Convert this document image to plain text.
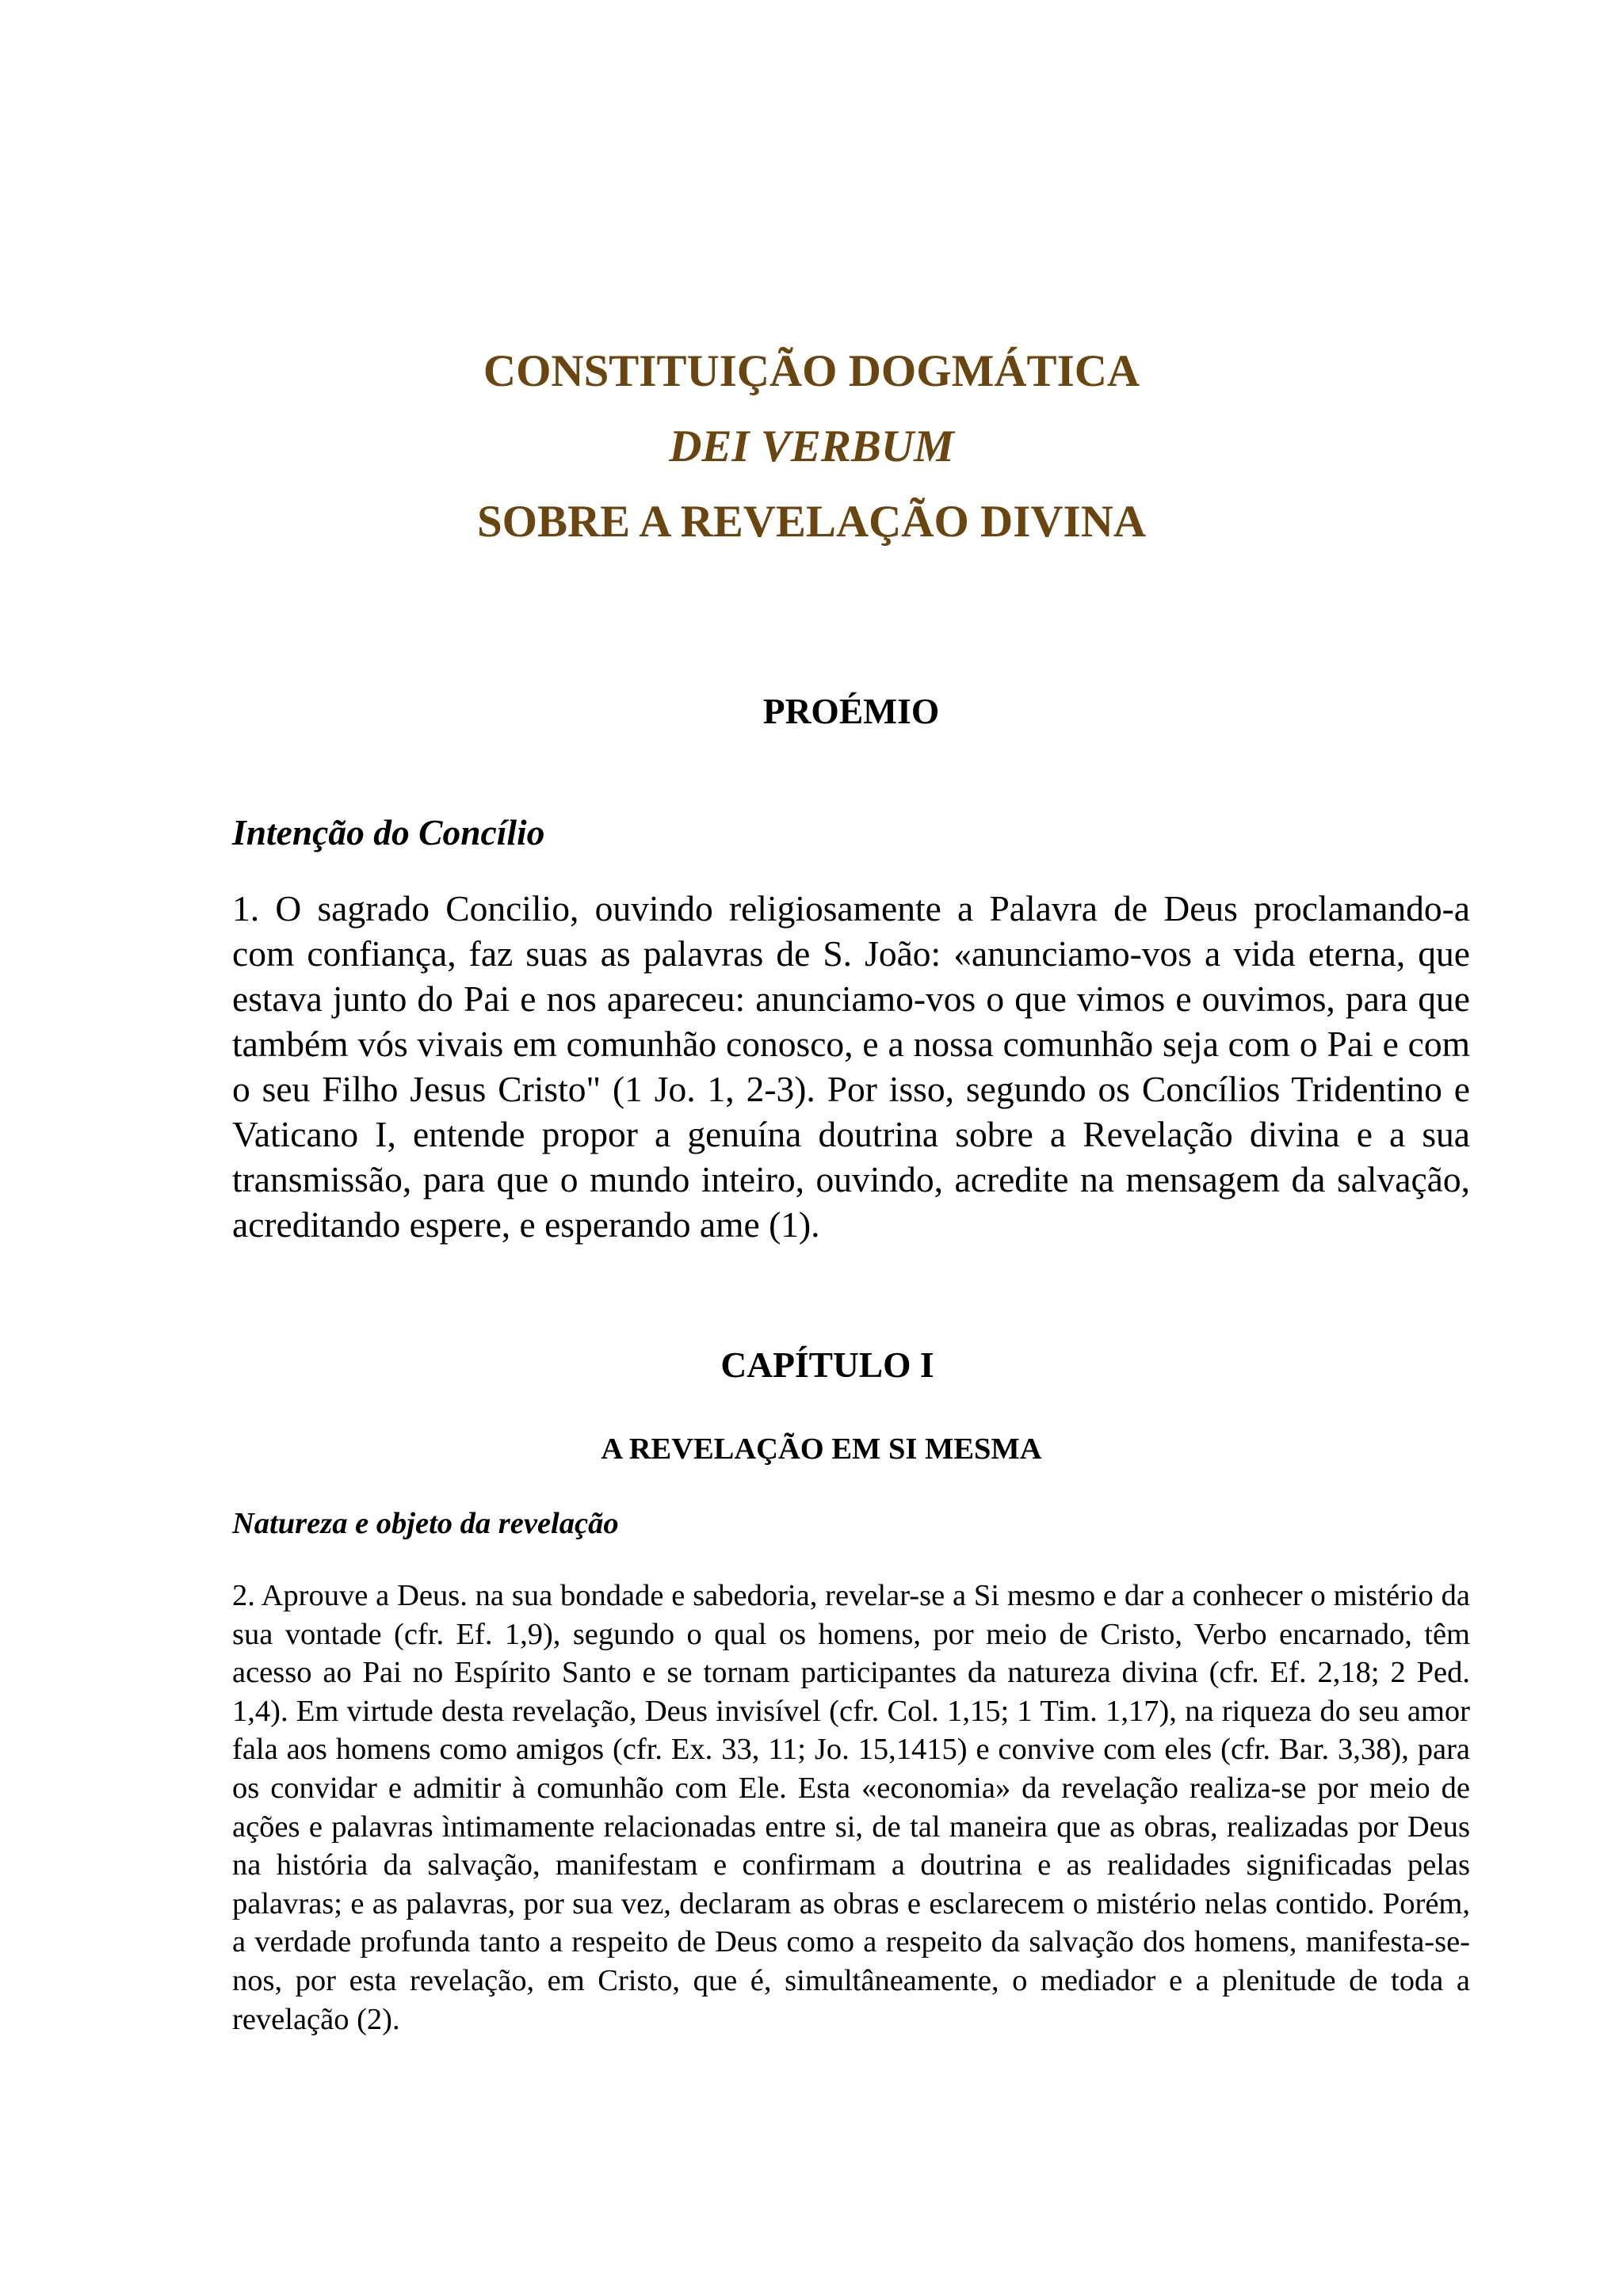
CONSTITUIÇÃO DOGMÁTICA
DEI VERBUM
SOBRE A REVELAÇÃO DIVINA
PROÉMIO
Intenção do Concílio

1. O sagrado Concilio, ouvindo religiosamente a Palavra de Deus proclamando-a com confiança, faz suas as palavras de S. João: «anunciamo-vos a vida eterna, que estava junto do Pai e nos apareceu: anunciamo-vos o que vimos e ouvimos, para que também vós vivais em comunhão conosco, e a nossa comunhão seja com o Pai e com o seu Filho Jesus Cristo" (1 Jo. 1, 2-3). Por isso, segundo os Concílios Tridentino e Vaticano I, entende propor a genuína doutrina sobre a Revelação divina e a sua transmissão, para que o mundo inteiro, ouvindo, acredite na mensagem da salvação, acreditando espere, e esperando ame (1).

CAPÍTULO I
A REVELAÇÃO EM SI MESMA
Natureza e objeto da revelação

2. Aprouve a Deus. na sua bondade e sabedoria, revelar-se a Si mesmo e dar a conhecer o mistério da sua vontade (cfr. Ef. 1,9), segundo o qual os homens, por meio de Cristo, Verbo encarnado, têm acesso ao Pai no Espírito Santo e se tornam participantes da natureza divina (cfr. Ef. 2,18; 2 Ped. 1,4). Em virtude desta revelação, Deus invisível (cfr. Col. 1,15; 1 Tim. 1,17), na riqueza do seu amor fala aos homens como amigos (cfr. Ex. 33, 11; Jo. 15,1415) e convive com eles (cfr. Bar. 3,38), para os convidar e admitir à comunhão com Ele. Esta «economia» da revelação realiza-se por meio de ações e palavras ìntimamente relacionadas entre si, de tal maneira que as obras, realizadas por Deus na história da salvação, manifestam e confirmam a doutrina e as realidades significadas pelas palavras; e as palavras, por sua vez, declaram as obras e esclarecem o mistério nelas contido. Porém, a verdade profunda tanto a respeito de Deus como a respeito da salvação dos homens, manifesta-se-nos, por esta revelação, em Cristo, que é, simultâneamente, o mediador e a plenitude de toda a revelação (2).
